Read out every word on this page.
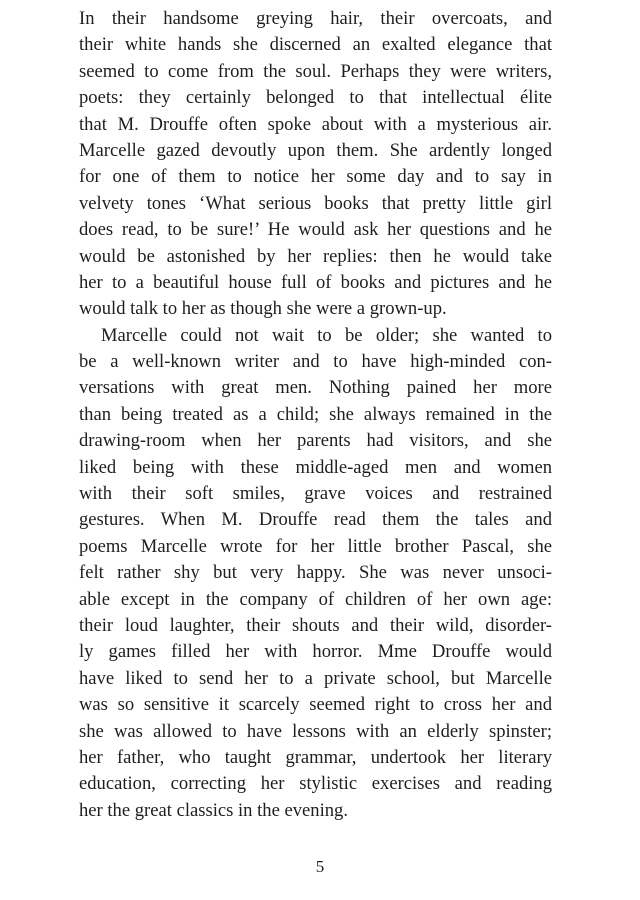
In their handsome greying hair, their overcoats, and
their white hands she discerned an exalted elegance that
seemed to come from the soul. Perhaps they were writers,
poets: they certainly belonged to that intellectual élite
that M. Drouffe often spoke about with a mysterious air.
Marcelle gazed devoutly upon them. She ardently longed
for one of them to notice her some day and to say in
velvety tones ‘What serious books that pretty little girl
does read, to be sure!’ He would ask her questions and he
would be astonished by her replies: then he would take
her to a beautiful house full of books and pictures and he
would talk to her as though she were a grown-up.
Marcelle could not wait to be older; she wanted to
be a well-known writer and to have high-minded con-
versations with great men. Nothing pained her more
than being treated as a child; she always remained in the
drawing-room when her parents had visitors, and she
liked being with these middle-aged men and women
with their soft smiles, grave voices and restrained
gestures. When M. Drouffe read them the tales and
poems Marcelle wrote for her little brother Pascal, she
felt rather shy but very happy. She was never unsoci-
able except in the company of children of her own age:
their loud laughter, their shouts and their wild, disorder-
ly games filled her with horror. Mme Drouffe would
have liked to send her to a private school, but Marcelle
was so sensitive it scarcely seemed right to cross her and
she was allowed to have lessons with an elderly spinster;
her father, who taught grammar, undertook her literary
education, correcting her stylistic exercises and reading
her the great classics in the evening.
5
